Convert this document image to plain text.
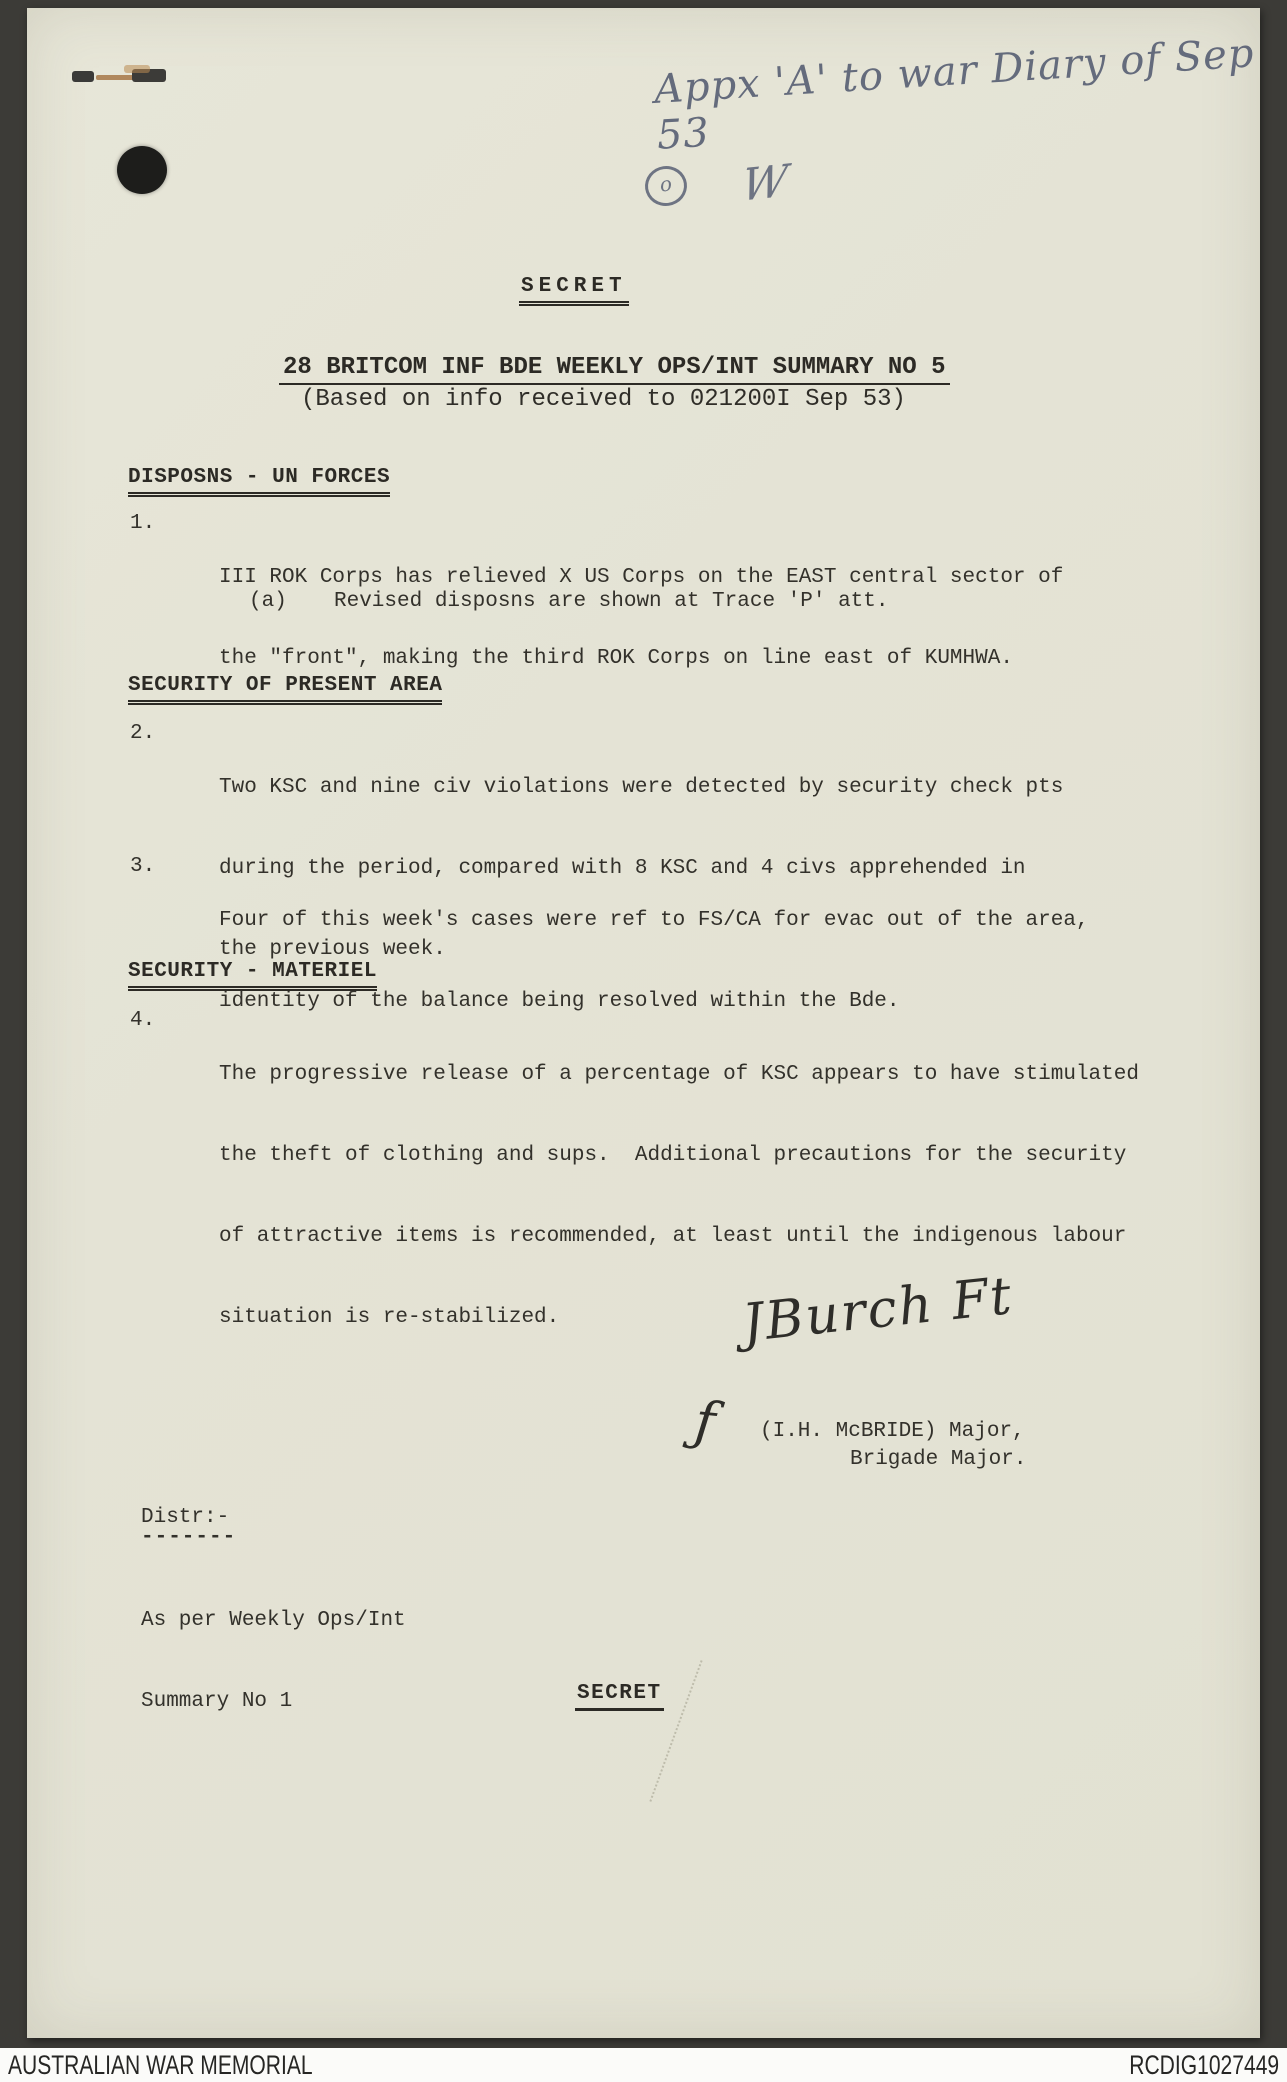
Appx 'A' to war Diary of Sep 53
o	W
SECRET
28 BRITCOM INF BDE WEEKLY OPS/INT SUMMARY NO 5
(Based on info received to 021200I Sep 53)
DISPOSNS - UN FORCES
1.

III ROK Corps has relieved X US Corps on the EAST central sector of

the "front", making the third ROK Corps on line east of KUMHWA.

(a) Revised disposns are shown at Trace 'P' att.
SECURITY OF PRESENT AREA
2.

Two KSC and nine civ violations were detected by security check pts

during the period, compared with 8 KSC and 4 civs apprehended in

the previous week.

3.

Four of this week's cases were ref to FS/CA for evac out of the area,

identity of the balance being resolved within the Bde.

SECURITY - MATERIEL
4.

The progressive release of a percentage of KSC appears to have stimulated

the theft of clothing and sups.  Additional precautions for the security

of attractive items is recommended, at least until the indigenous labour

situation is re-stabilized.

	JBurch Ft
ƒ (I.H. McBRIDE) Major,
Brigade Major.
Distr:-
-------

As per Weekly Ops/Int

Summary No 1

	SECRET
AUSTRALIAN WAR MEMORIAL	RCDIG1027449
